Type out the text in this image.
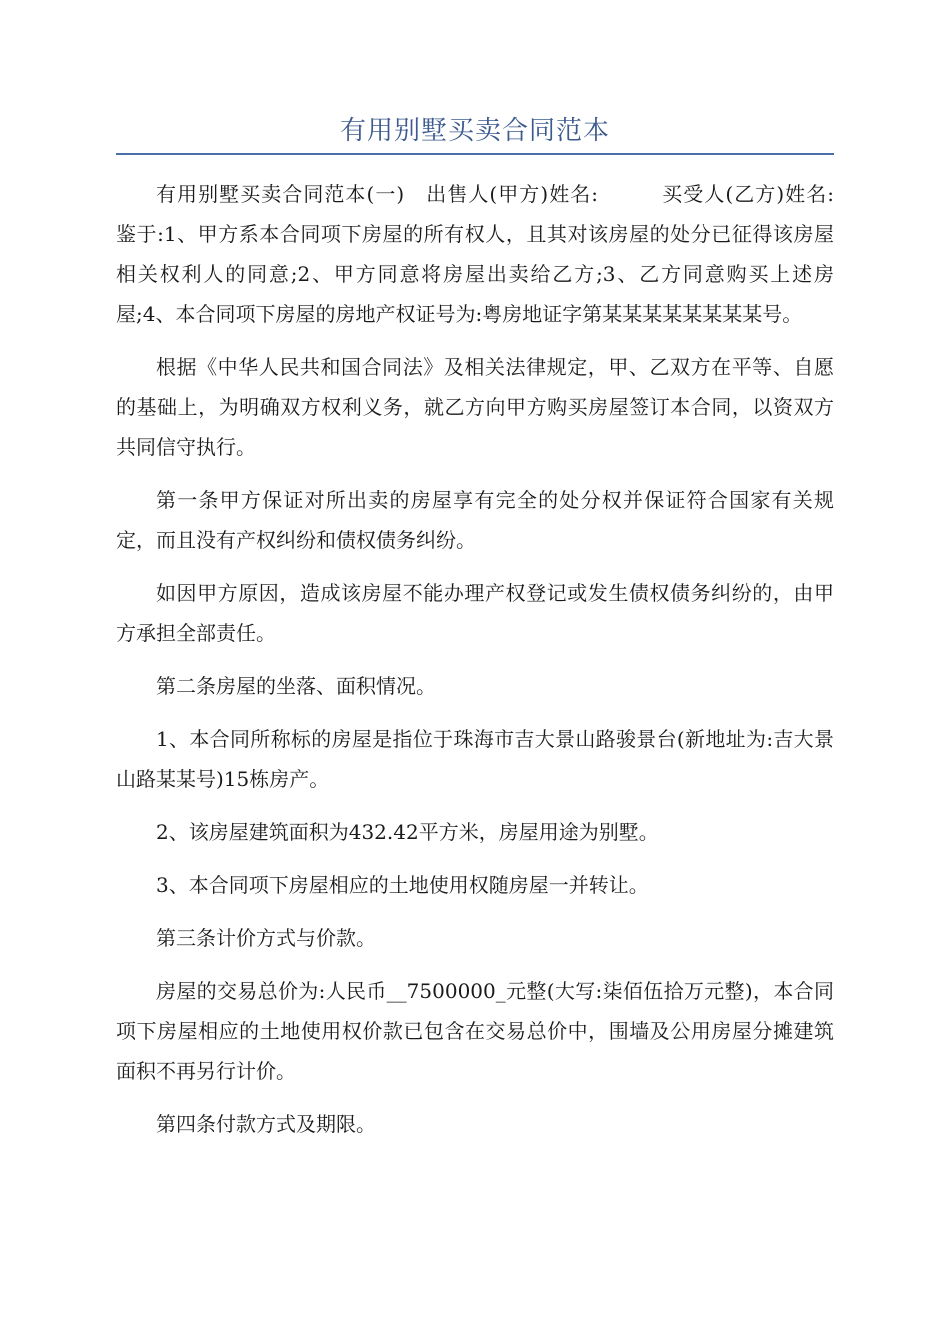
有用别墅买卖合同范本

有用别墅买卖合同范本(一)　出售人(甲方)姓名:　　　买受人(乙方)姓名:　　　鉴于:1、甲方系本合同项下房屋的所有权人，且其对该房屋的处分已征得该房屋相关权利人的同意;2、甲方同意将房屋出卖给乙方;3、乙方同意购买上述房屋;4、本合同项下房屋的房地产权证号为:粤房地证字第某某某某某某某某号。

根据《中华人民共和国合同法》及相关法律规定，甲、乙双方在平等、自愿的基础上，为明确双方权利义务，就乙方向甲方购买房屋签订本合同，以资双方共同信守执行。

第一条甲方保证对所出卖的房屋享有完全的处分权并保证符合国家有关规定，而且没有产权纠纷和债权债务纠纷。

如因甲方原因，造成该房屋不能办理产权登记或发生债权债务纠纷的，由甲方承担全部责任。

第二条房屋的坐落、面积情况。

1、本合同所称标的房屋是指位于珠海市吉大景山路骏景台(新地址为:吉大景山路某某号)15栋房产。

2、该房屋建筑面积为432.42平方米，房屋用途为别墅。

3、本合同项下房屋相应的土地使用权随房屋一并转让。

第三条计价方式与价款。

房屋的交易总价为:人民币__7500000_元整(大写:柒佰伍拾万元整)，本合同项下房屋相应的土地使用权价款已包含在交易总价中，围墙及公用房屋分摊建筑面积不再另行计价。

第四条付款方式及期限。
